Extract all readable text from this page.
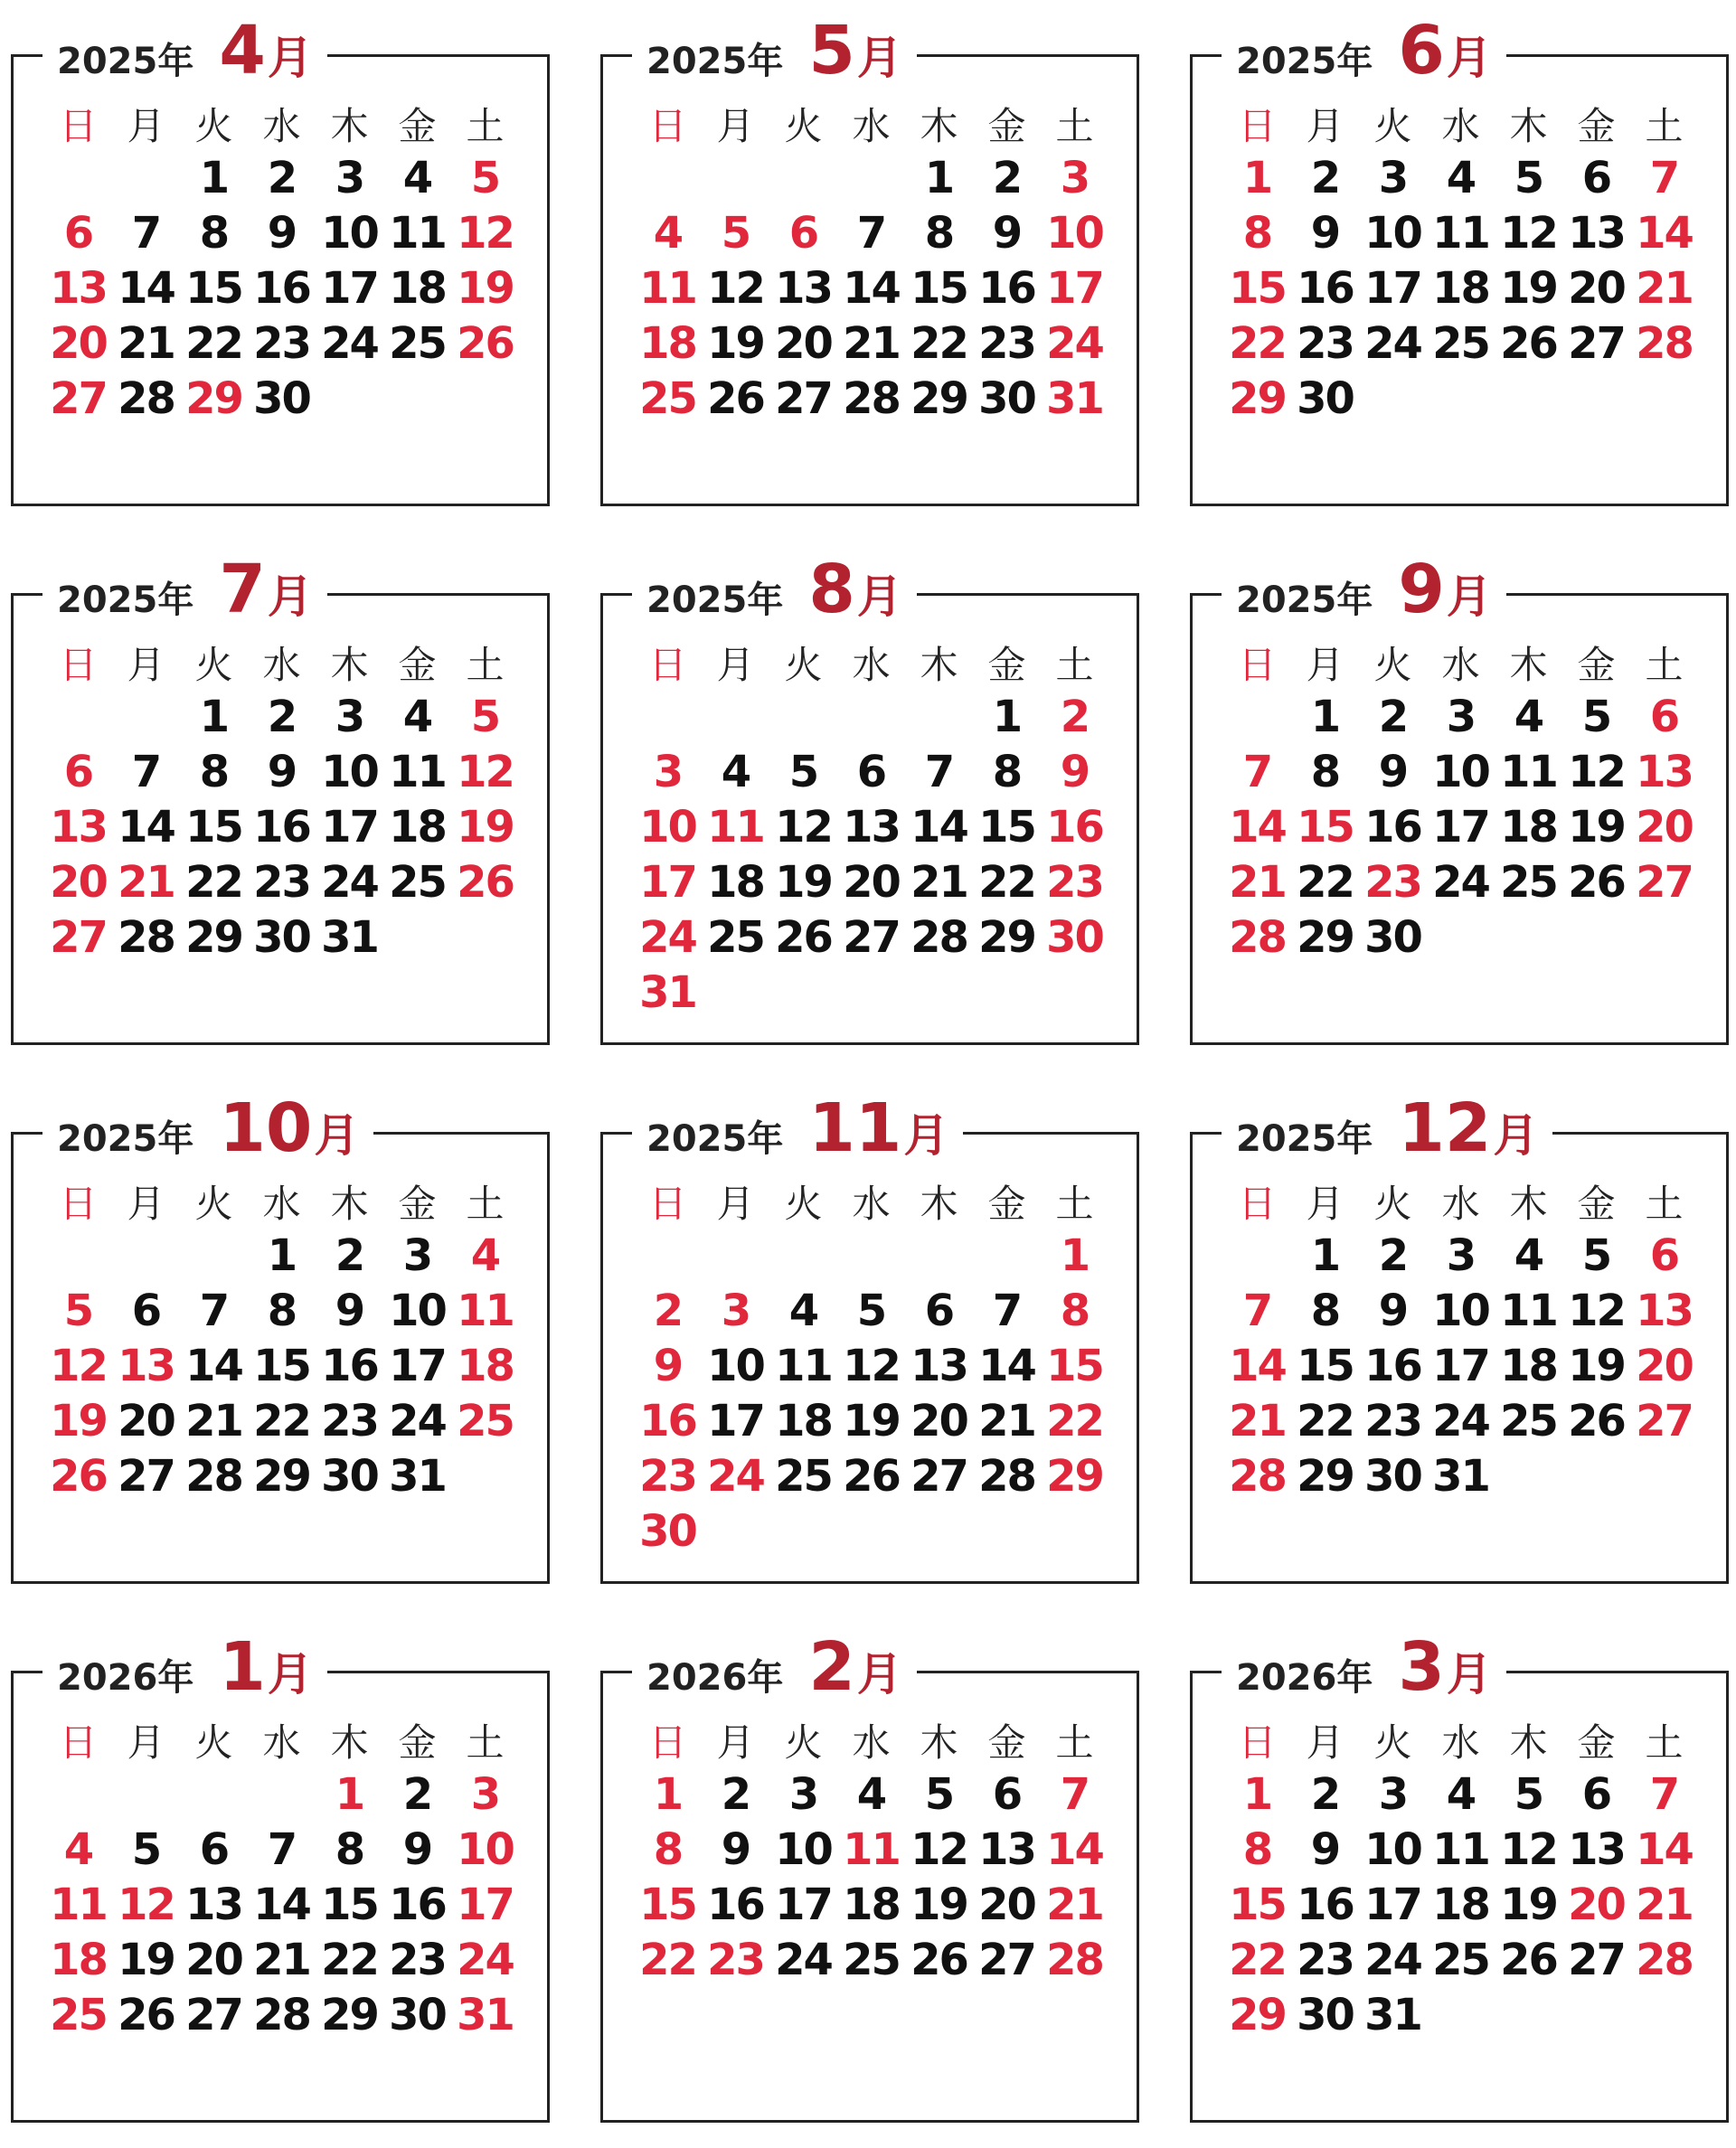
2025年 4 月
日 月 火 水 木 金 土
1 2 3 4 5
6 7 8 9 10 11 12
13 14 15 16 17 18 19
20 21 22 23 24 25 26
27 28 29 30
2025年 5 月
日 月 火 水 木 金 土
1 2 3
4 5 6 7 8 9 10
11 12 13 14 15 16 17
18 19 20 21 22 23 24
25 26 27 28 29 30 31
2025年 6 月
日 月 火 水 木 金 土
1 2 3 4 5 6 7
8 9 10 11 12 13 14
15 16 17 18 19 20 21
22 23 24 25 26 27 28
29 30
2025年 7 月
日 月 火 水 木 金 土
1 2 3 4 5
6 7 8 9 10 11 12
13 14 15 16 17 18 19
20 21 22 23 24 25 26
27 28 29 30 31
2025年 8 月
日 月 火 水 木 金 土
1 2
3 4 5 6 7 8 9
10 11 12 13 14 15 16
17 18 19 20 21 22 23
24 25 26 27 28 29 30
31
2025年 9 月
日 月 火 水 木 金 土
1 2 3 4 5 6
7 8 9 10 11 12 13
14 15 16 17 18 19 20
21 22 23 24 25 26 27
28 29 30
2025年 10 月
日 月 火 水 木 金 土
1 2 3 4
5 6 7 8 9 10 11
12 13 14 15 16 17 18
19 20 21 22 23 24 25
26 27 28 29 30 31
2025年 11 月
日 月 火 水 木 金 土
1
2 3 4 5 6 7 8
9 10 11 12 13 14 15
16 17 18 19 20 21 22
23 24 25 26 27 28 29
30
2025年 12 月
日 月 火 水 木 金 土
1 2 3 4 5 6
7 8 9 10 11 12 13
14 15 16 17 18 19 20
21 22 23 24 25 26 27
28 29 30 31
2026年 1 月
日 月 火 水 木 金 土
1 2 3
4 5 6 7 8 9 10
11 12 13 14 15 16 17
18 19 20 21 22 23 24
25 26 27 28 29 30 31
2026年 2 月
日 月 火 水 木 金 土
1 2 3 4 5 6 7
8 9 10 11 12 13 14
15 16 17 18 19 20 21
22 23 24 25 26 27 28
2026年 3 月
日 月 火 水 木 金 土
1 2 3 4 5 6 7
8 9 10 11 12 13 14
15 16 17 18 19 20 21
22 23 24 25 26 27 28
29 30 31
